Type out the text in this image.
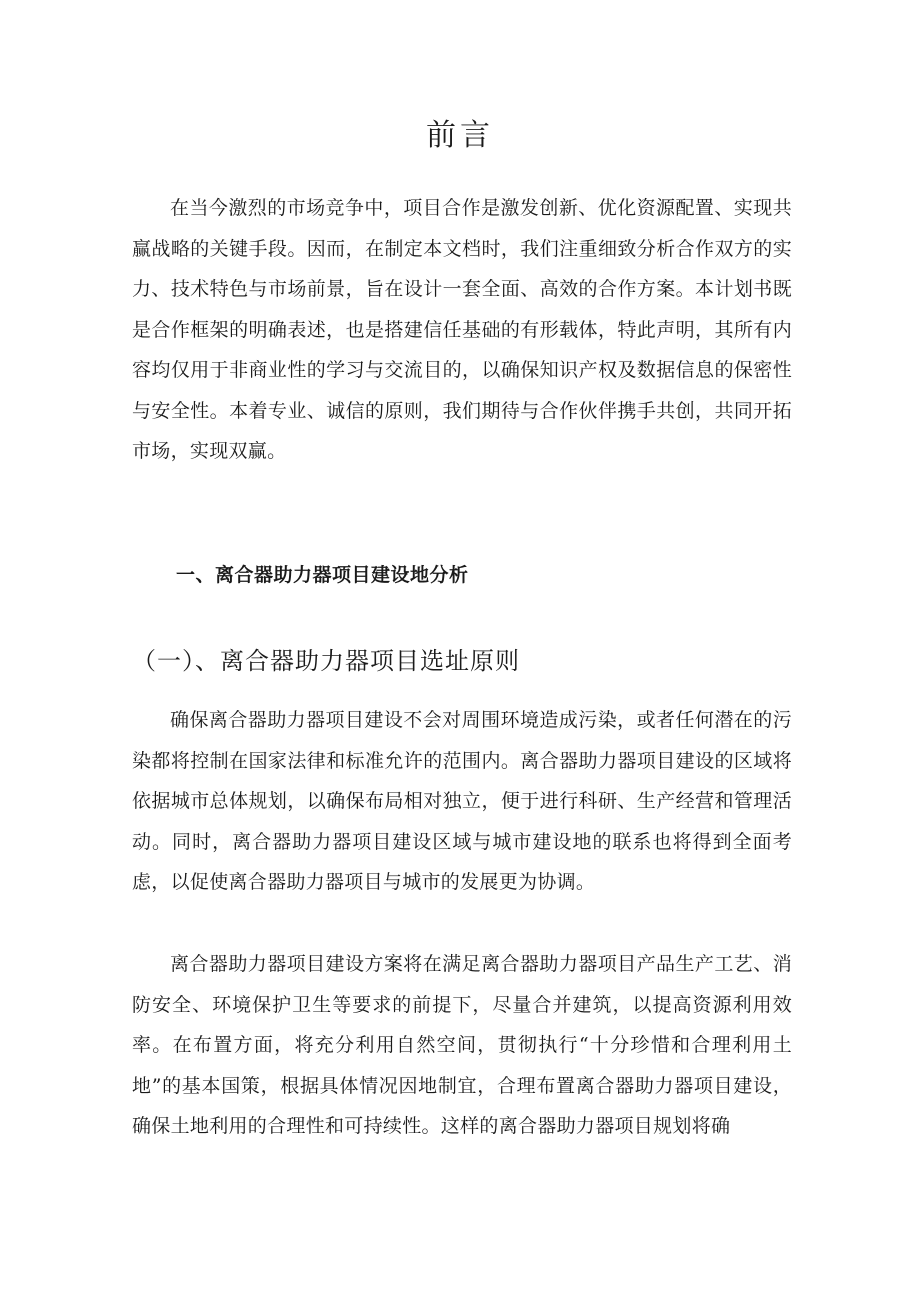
前言

在当今激烈的市场竞争中，项目合作是激发创新、优化资源配置、实现共赢战略的关键手段。因而，在制定本文档时，我们注重细致分析合作双方的实力、技术特色与市场前景，旨在设计一套全面、高效的合作方案。本计划书既是合作框架的明确表述，也是搭建信任基础的有形载体，特此声明，其所有内容均仅用于非商业性的学习与交流目的，以确保知识产权及数据信息的保密性与安全性。本着专业、诚信的原则，我们期待与合作伙伴携手共创，共同开拓市场，实现双赢。

一、离合器助力器项目建设地分析
（一）、离合器助力器项目选址原则

确保离合器助力器项目建设不会对周围环境造成污染，或者任何潜在的污染都将控制在国家法律和标准允许的范围内。离合器助力器项目建设的区域将依据城市总体规划，以确保布局相对独立，便于进行科研、生产经营和管理活动。同时，离合器助力器项目建设区域与城市建设地的联系也将得到全面考虑，以促使离合器助力器项目与城市的发展更为协调。

离合器助力器项目建设方案将在满足离合器助力器项目产品生产工艺、消防安全、环境保护卫生等要求的前提下，尽量合并建筑，以提高资源利用效率。在布置方面，将充分利用自然空间，贯彻执行“十分珍惜和合理利用土地”的基本国策，根据具体情况因地制宜，合理布置离合器助力器项目建设，确保土地利用的合理性和可持续性。这样的离合器助力器项目规划将确
